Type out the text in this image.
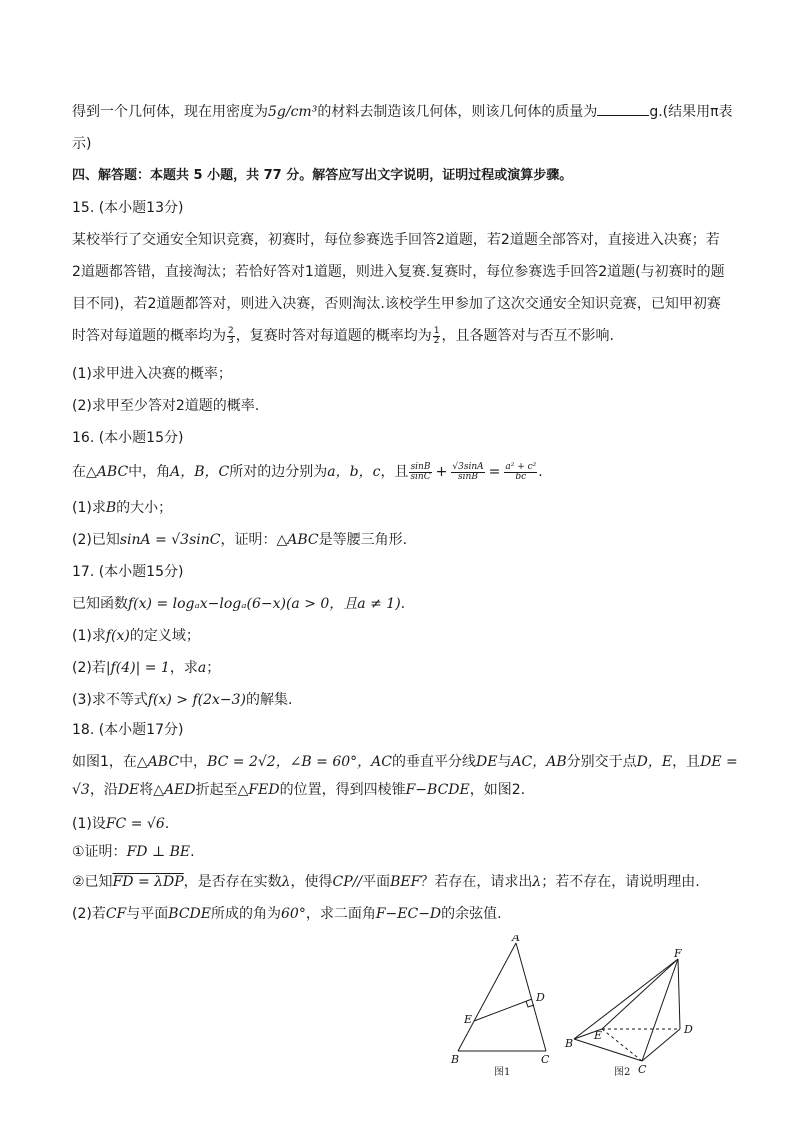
得到一个几何体，现在用密度为5g/cm³的材料去制造该几何体，则该几何体的质量为	g.(结果用π表
示)
四、解答题：本题共 5 小题，共 77 分。解答应写出文字说明，证明过程或演算步骤。
15. (本小题13分)
某校举行了交通安全知识竞赛，初赛时，每位参赛选手回答2道题，若2道题全部答对，直接进入决赛；若
2道题都答错，直接淘汰；若恰好答对1道题，则进入复赛.复赛时，每位参赛选手回答2道题(与初赛时的题
目不同)，若2道题都答对，则进入决赛，否则淘汰.该校学生甲参加了这次交通安全知识竞赛，已知甲初赛
时答对每道题的概率均为 $\frac{2}{3}$ ，复赛时答对每道题的概率均为 $\frac{1}{2}$ ，且各题答对与否互不影响.
(1)求甲进入决赛的概率；
(2)求甲至少答对2道题的概率.
16. (本小题15分)
在△ABC中，角A，B，C所对的边分别为a，b，c，且 $\frac{\sin B}{\sin C} + \frac{√3\sin A}{\sin B} = \frac{\text{a² + c²}}{bc}$ .
(1)求B的大小；
(2)已知sinA = √3sinC，证明：△ABC是等腰三角形.
17. (本小题15分)
已知函数f(x) = logₐx−logₐ(6−x)(a > 0，且a ≠ 1).
(1)求f(x)的定义域；
(2)若|f(4)| = 1，求a；
(3)求不等式f(x) > f(2x−3)的解集.
18. (本小题17分)
如图1，在△ABC中，BC = 2√2，∠B = 60°，AC的垂直平分线DE与AC，AB分别交于点D，E，且DE =
√3，沿DE将△AED折起至△FED的位置，得到四棱锥F−BCDE，如图2.
(1)设FC = √6.
①证明：FD ⊥ BE.
②已知FD = λDP，是否存在实数λ，使得CP//平面BEF？若存在，请求出λ；若不存在，请说明理由.
(2)若CF与平面BCDE所成的角为60°，求二面角F−EC−D的余弦值.
A
B	C
D
E
图1
B
C
D
E
F
图2
